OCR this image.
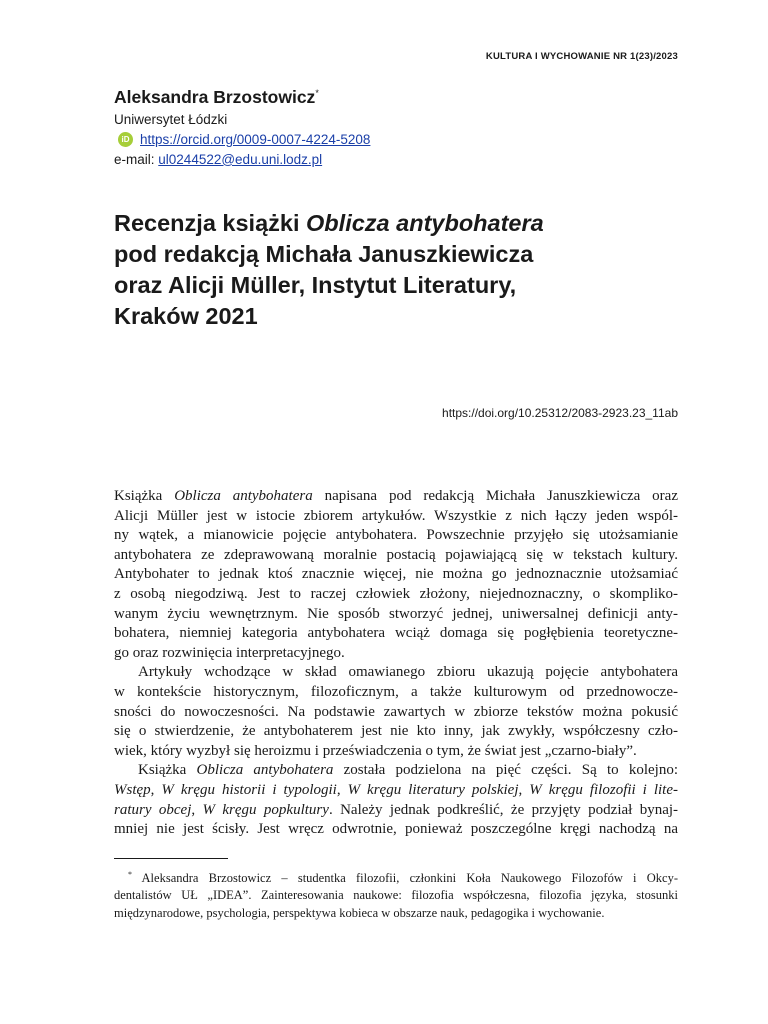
KULTURA I WYCHOWANIE NR 1(23)/2023
Aleksandra Brzostowicz*
Uniwersytet Łódzki
iD https://orcid.org/0009-0007-4224-5208
e-mail: ul0244522@edu.uni.lodz.pl
Recenzja książki Oblicza antybohatera
pod redakcją Michała Januszkiewicza
oraz Alicji Müller, Instytut Literatury,
Kraków 2021
https://doi.org/10.25312/2083-2923.23_11ab
Książka Oblicza antybohatera napisana pod redakcją Michała Januszkiewicza oraz
Alicji Müller jest w istocie zbiorem artykułów. Wszystkie z nich łączy jeden wspól-
ny wątek, a mianowicie pojęcie antybohatera. Powszechnie przyjęło się utożsamianie
antybohatera ze zdeprawowaną moralnie postacią pojawiającą się w tekstach kultury.
Antybohater to jednak ktoś znacznie więcej, nie można go jednoznacznie utożsamiać
z osobą niegodziwą. Jest to raczej człowiek złożony, niejednoznaczny, o skompliko-
wanym życiu wewnętrznym. Nie sposób stworzyć jednej, uniwersalnej definicji anty-
bohatera, niemniej kategoria antybohatera wciąż domaga się pogłębienia teoretyczne-
go oraz rozwinięcia interpretacyjnego.
Artykuły wchodzące w skład omawianego zbioru ukazują pojęcie antybohatera
w kontekście historycznym, filozoficznym, a także kulturowym od przednowocze-
sności do nowoczesności. Na podstawie zawartych w zbiorze tekstów można pokusić
się o stwierdzenie, że antybohaterem jest nie kto inny, jak zwykły, współczesny czło-
wiek, który wyzbył się heroizmu i przeświadczenia o tym, że świat jest „czarno-biały”.
Książka Oblicza antybohatera została podzielona na pięć części. Są to kolejno:
Wstęp, W kręgu historii i typologii, W kręgu literatury polskiej, W kręgu filozofii i lite-
ratury obcej, W kręgu popkultury. Należy jednak podkreślić, że przyjęty podział bynaj-
mniej nie jest ścisły. Jest wręcz odwrotnie, ponieważ poszczególne kręgi nachodzą na
* Aleksandra Brzostowicz – studentka filozofii, członkini Koła Naukowego Filozofów i Okcy-
dentalistów UŁ „IDEA”. Zainteresowania naukowe: filozofia współczesna, filozofia języka, stosunki
międzynarodowe, psychologia, perspektywa kobieca w obszarze nauk, pedagogika i wychowanie.
